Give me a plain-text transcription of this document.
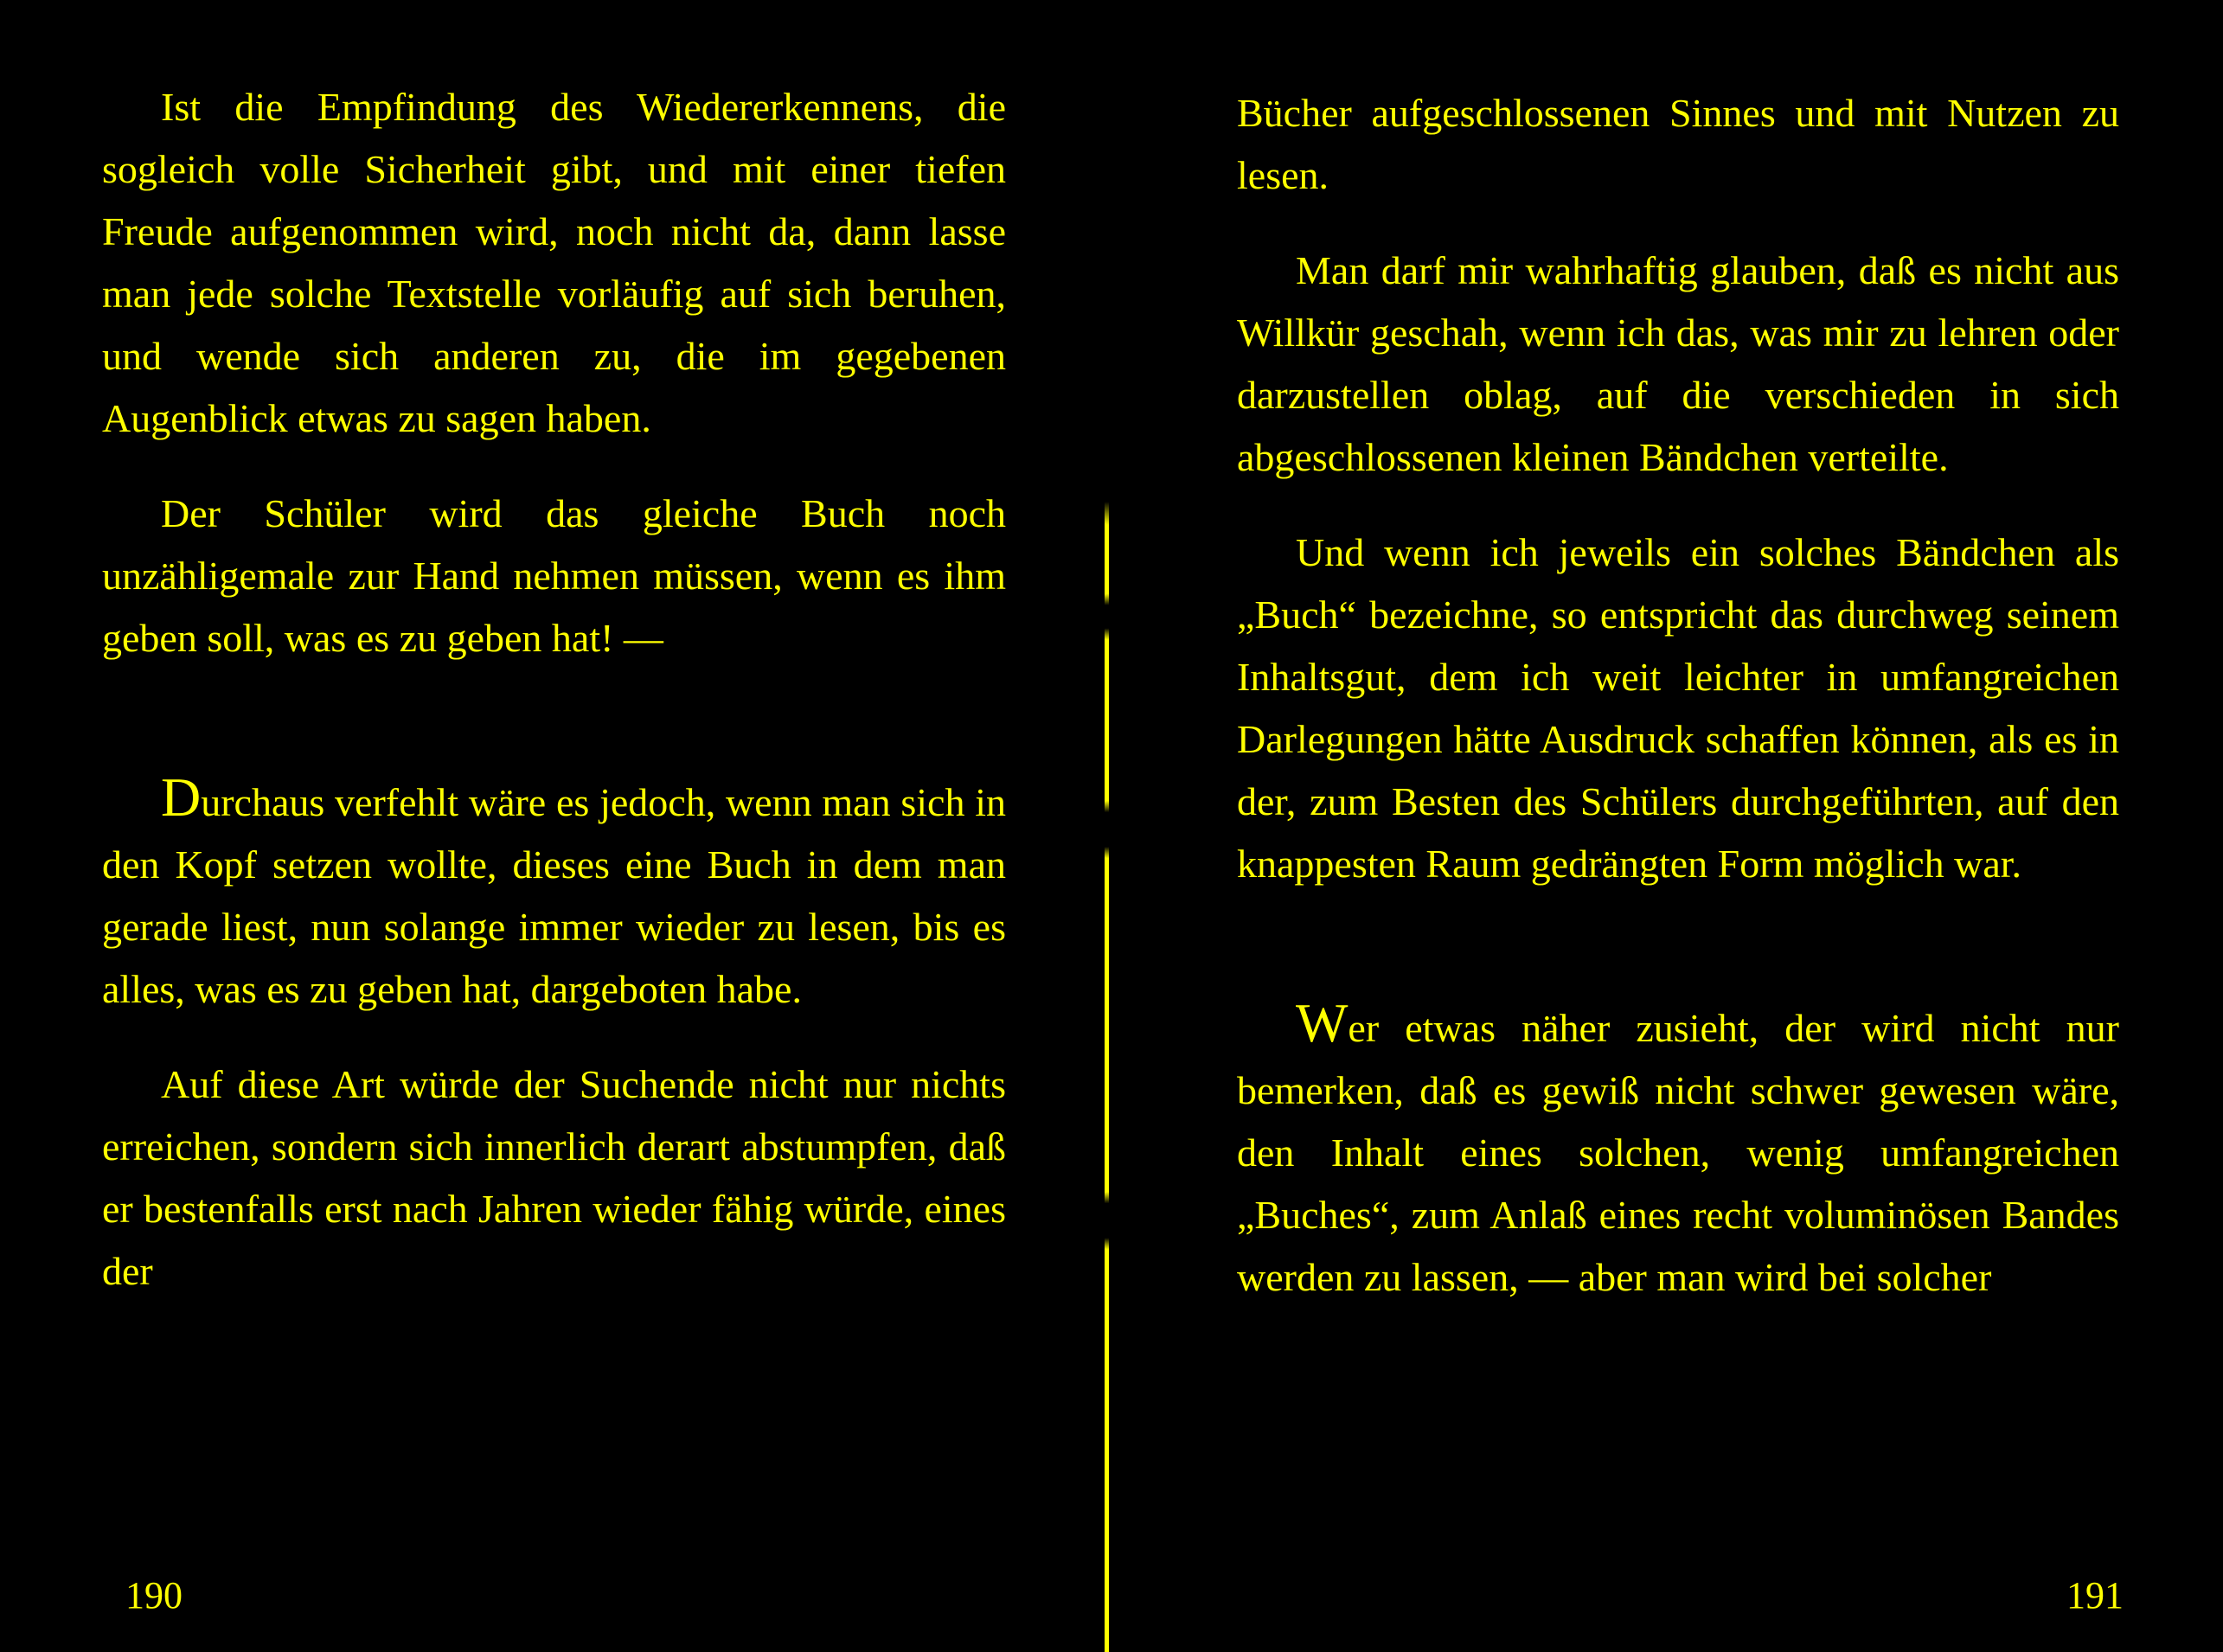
Ist die Empfindung des Wiedererkennens, die sogleich volle Sicherheit gibt, und mit einer tiefen Freude aufgenommen wird, noch nicht da, dann lasse man jede solche Textstelle vorläufig auf sich beruhen, und wende sich anderen zu, die im gegebenen Augenblick etwas zu sagen haben.

Der Schüler wird das gleiche Buch noch unzähligemale zur Hand nehmen müssen, wenn es ihm geben soll, was es zu geben hat! —

Durchaus verfehlt wäre es jedoch, wenn man sich in den Kopf setzen wollte, dieses eine Buch in dem man gerade liest, nun solange immer wieder zu lesen, bis es alles, was es zu geben hat, dargeboten habe.

Auf diese Art würde der Suchende nicht nur nichts erreichen, sondern sich innerlich derart abstumpfen, daß er bestenfalls erst nach Jahren wieder fähig würde, eines der

190

Bücher aufgeschlossenen Sinnes und mit Nutzen zu lesen.

Man darf mir wahrhaftig glauben, daß es nicht aus Willkür geschah, wenn ich das, was mir zu lehren oder darzustellen oblag, auf die verschieden in sich abgeschlossenen kleinen Bändchen verteilte.

Und wenn ich jeweils ein solches Bändchen als „Buch“ bezeichne, so entspricht das durchweg seinem Inhaltsgut, dem ich weit leichter in umfangreichen Darlegungen hätte Ausdruck schaffen können, als es in der, zum Besten des Schülers durchgeführten, auf den knappesten Raum gedrängten Form möglich war.

Wer etwas näher zusieht, der wird nicht nur bemerken, daß es gewiß nicht schwer gewesen wäre, den Inhalt eines solchen, wenig umfangreichen „Buches“, zum Anlaß eines recht voluminösen Bandes werden zu lassen, — aber man wird bei solcher

191
